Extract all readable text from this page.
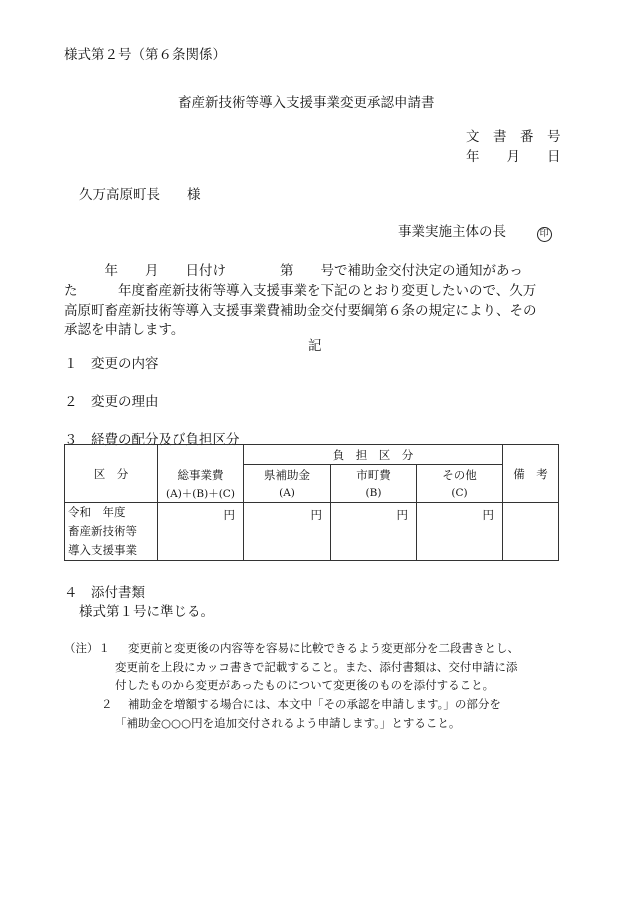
様式第２号（第６条関係）
畜産新技術等導入支援事業変更承認申請書
文　書　番　号
年　　月　　日
久万高原町長　　様
事業実施主体の長	印
　　　年　　月　　日付け　　　　第　　号で補助金交付決定の通知があっ
た　　　年度畜産新技術等導入支援事業を下記のとおり変更したいので、久万
高原町畜産新技術等導入支援事業費補助金交付要綱第６条の規定により、その
承認を申請します。
記
１　変更の内容
２　変更の理由
３　経費の配分及び負担区分
区　分	総事業費	負　担　区　分			備　考
		県補助金	市町費	その他	
	(A)＋(B)＋(C)	(A)	(B)	(C)	

令和　年度
畜産新技術等
導入支援事業	円	円	円	円	
４　添付書類
様式第１号に準じる。
（注）１ 変更前と変更後の内容等を容易に比較できるよう変更部分を二段書きとし、
変更前を上段にカッコ書きで記載すること。また、添付書類は、交付申請に添
付したものから変更があったものについて変更後のものを添付すること。
２ 補助金を増額する場合には、本文中「その承認を申請します。」の部分を
「補助金○○○円を追加交付されるよう申請します。」とすること。
